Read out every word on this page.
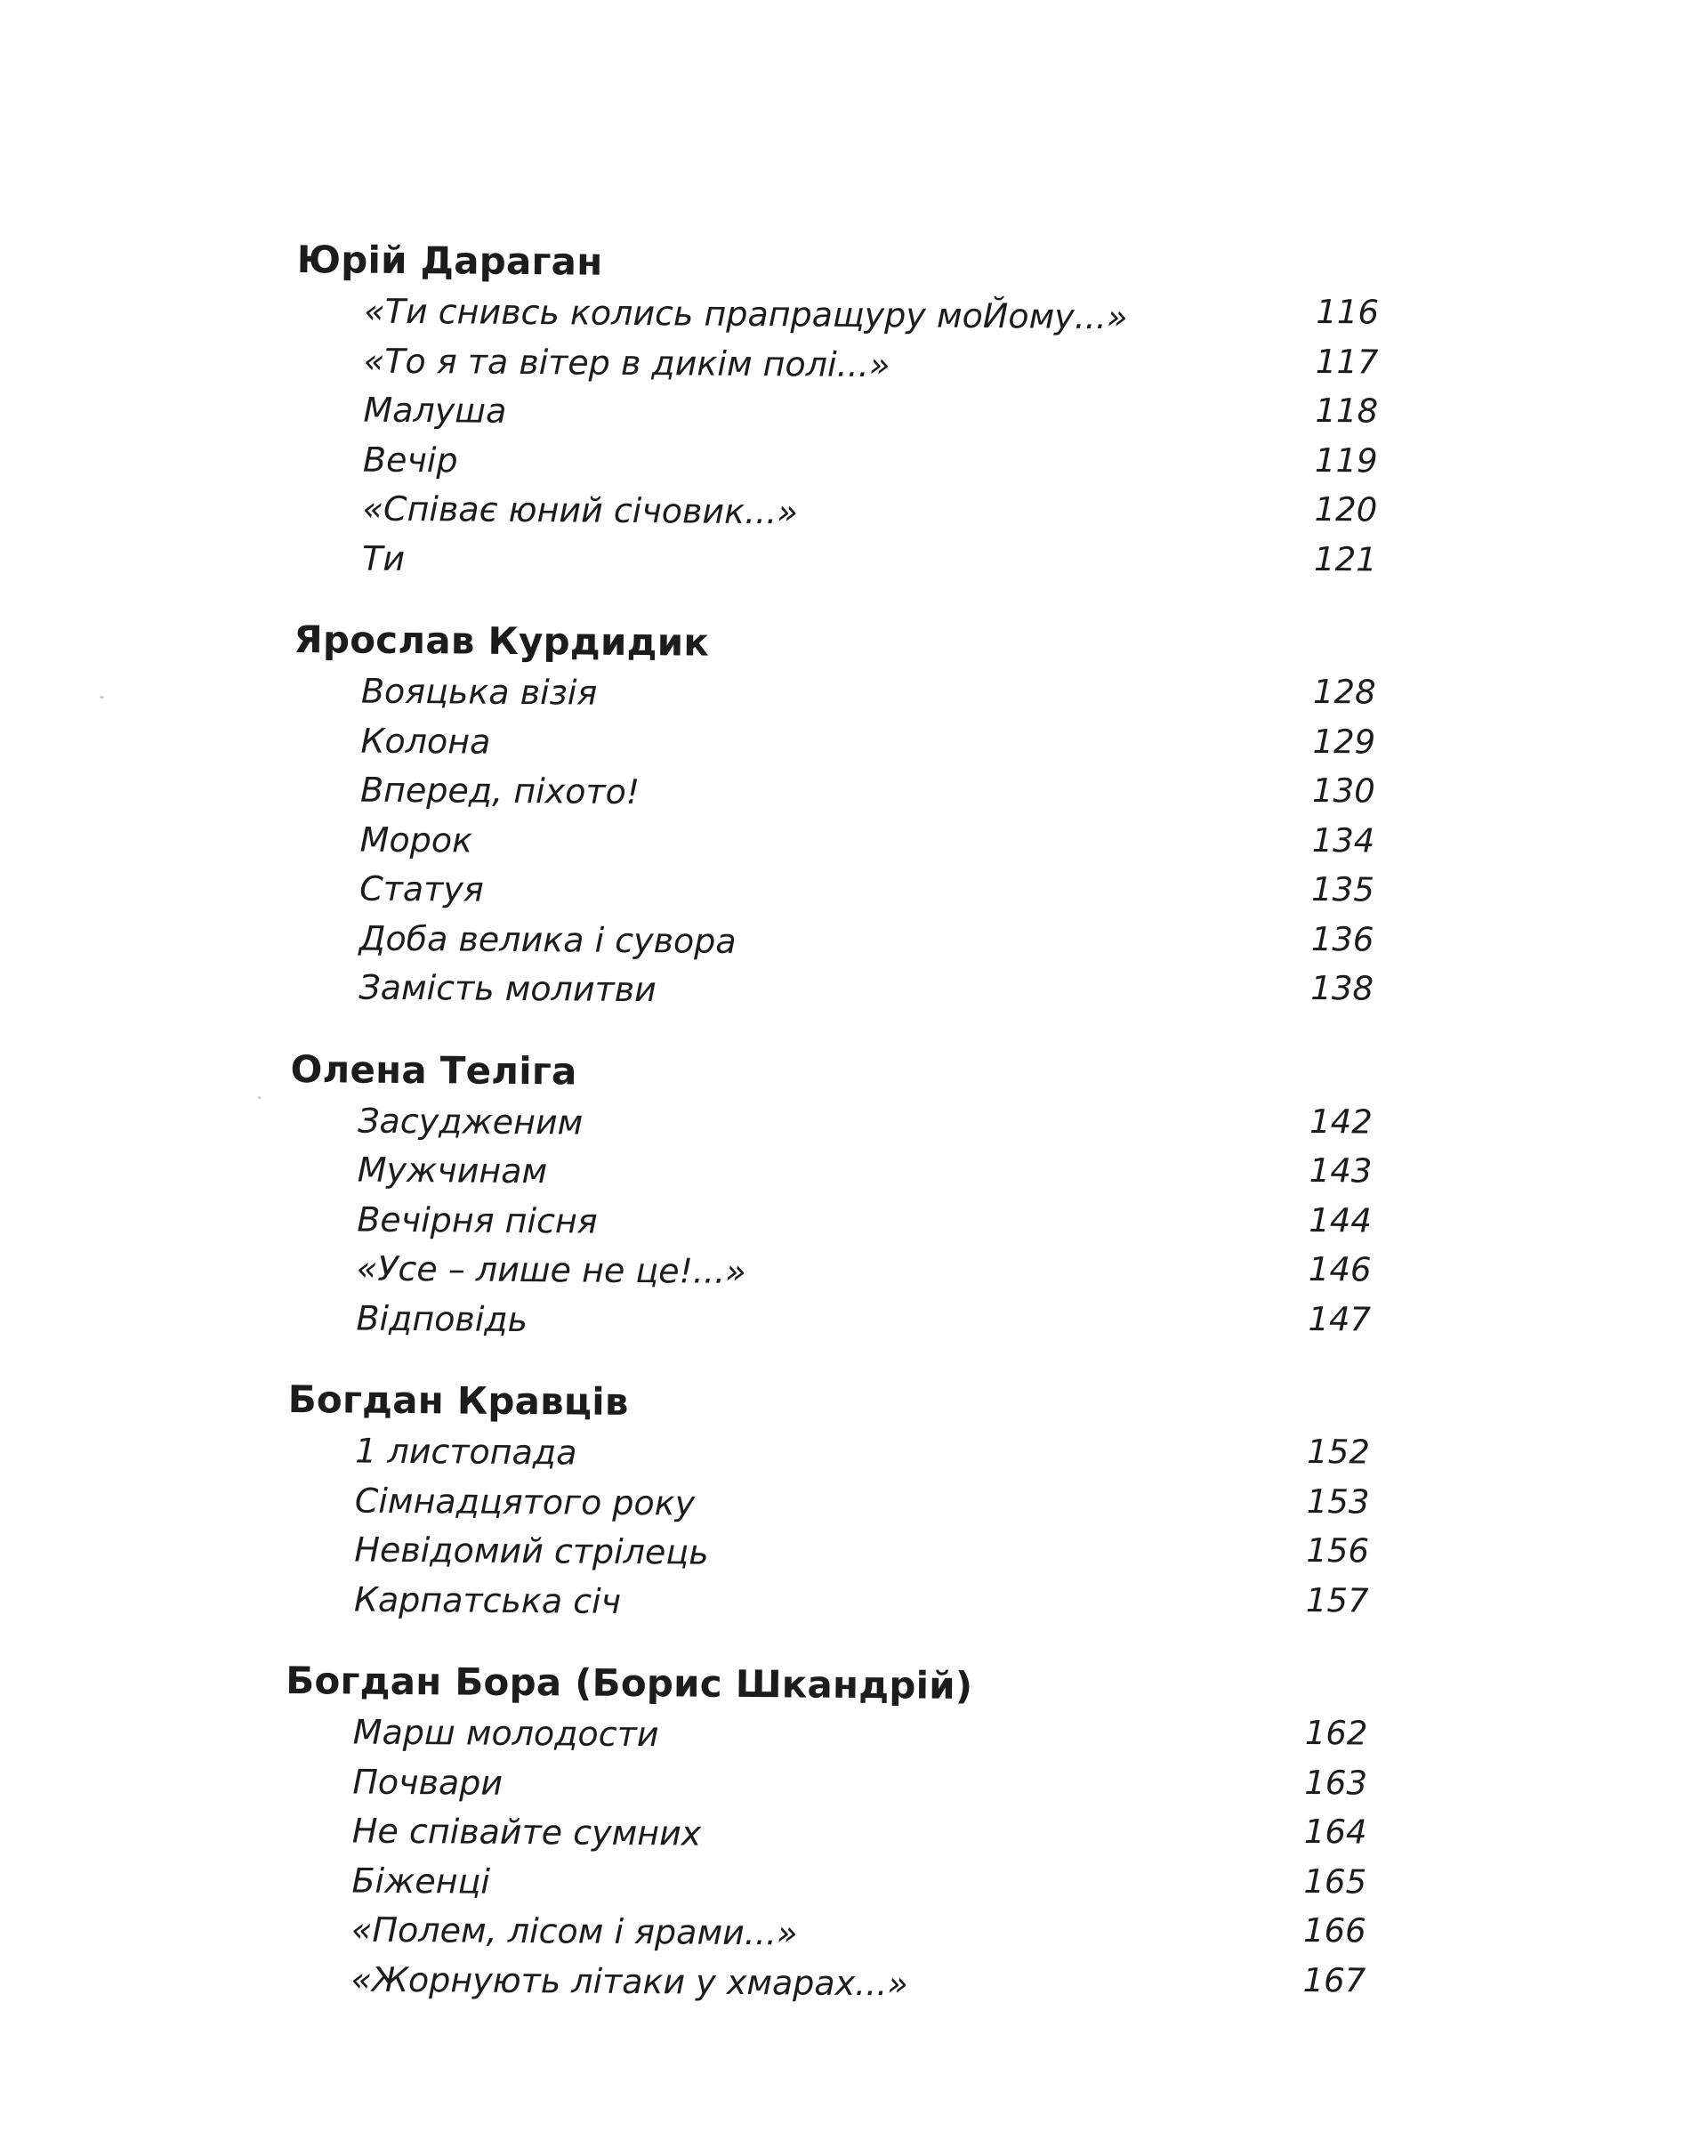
Юрій Дараган
«Ти снивсь колись прапращуру моЙому...»	116
«То я та вітер в дикім полі...»	117
Малуша	118
Вечір	119
«Співає юний січовик...»	120
Ти	121
Ярослав Курдидик
Вояцька візія	128
Колона	129
Вперед, піхото!	130
Морок	134
Статуя	135
Доба велика і сувора	136
Замість молитви	138
Олена Теліга
Засудженим	142
Мужчинам	143
Вечірня пісня	144
«Усе – лише не це!...»	146
Відповідь	147
Богдан Кравців
1 листопада	152
Сімнадцятого року	153
Невідомий стрілець	156
Карпатська січ	157
Богдан Бора (Борис Шкандрій)
Марш молодости	162
Почвари	163
Не співайте сумних	164
Біженці	165
«Полем, лісом і ярами...»	166
«Жорнують літаки у хмарах...»	167
